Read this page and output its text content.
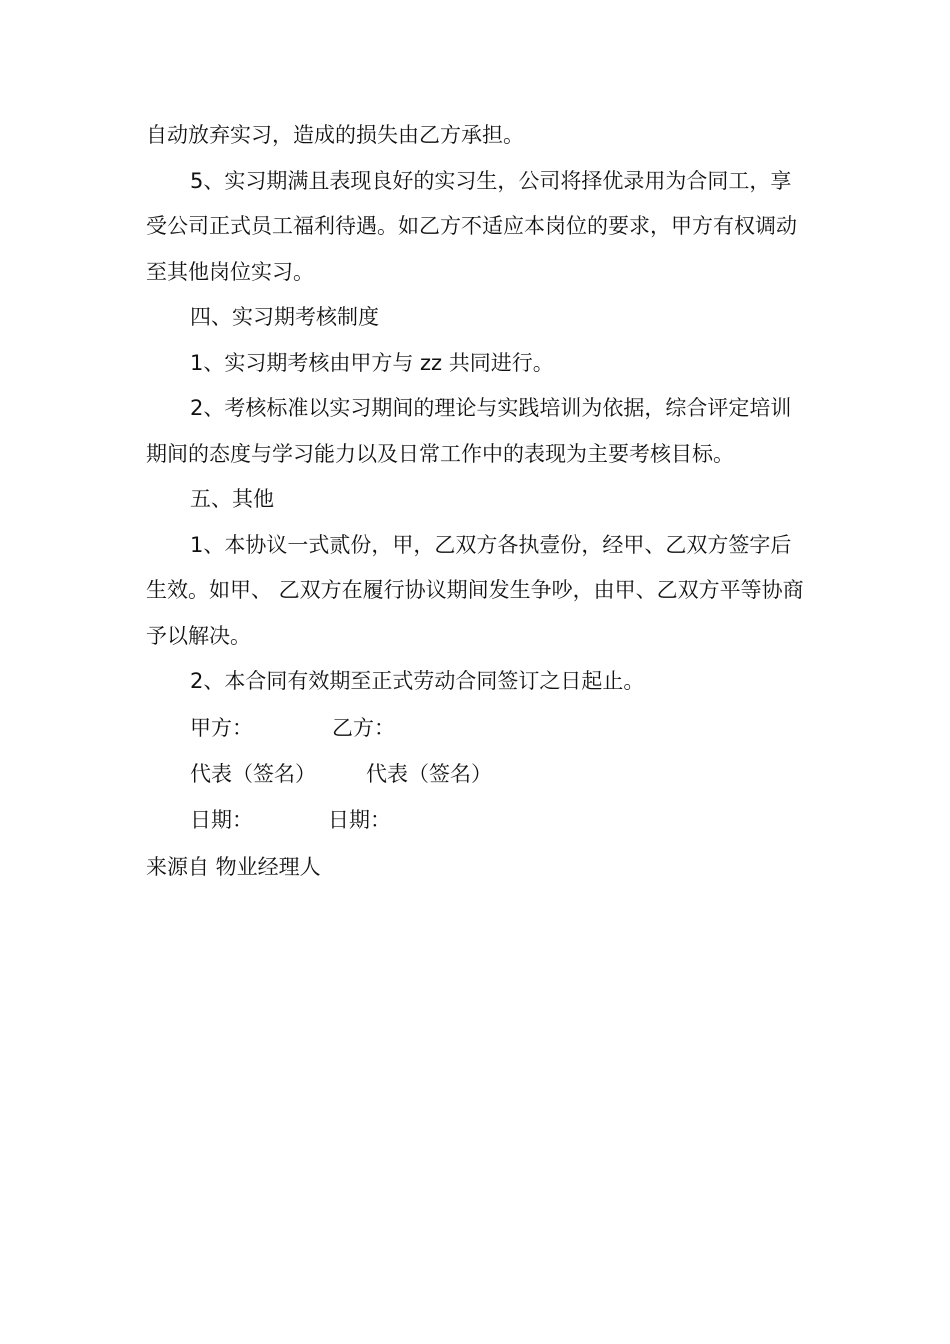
自动放弃实习，造成的损失由乙方承担。

5、实习期满且表现良好的实习生，公司将择优录用为合同工，享受公司正式员工福利待遇。如乙方不适应本岗位的要求，甲方有权调动至其他岗位实习。

四、实习期考核制度

1、实习期考核由甲方与 zz 共同进行。

2、考核标准以实习期间的理论与实践培训为依据，综合评定培训期间的态度与学习能力以及日常工作中的表现为主要考核目标。

五、其他

1、本协议一式贰份，甲，乙双方各执壹份，经甲、乙双方签字后生效。如甲、 乙双方在履行协议期间发生争吵，由甲、乙双方平等协商予以解决。

2、本合同有效期至正式劳动合同签订之日起止。

甲方：	乙方：
代表（签名）	代表（签名）
日期：	日期：

来源自 物业经理人
